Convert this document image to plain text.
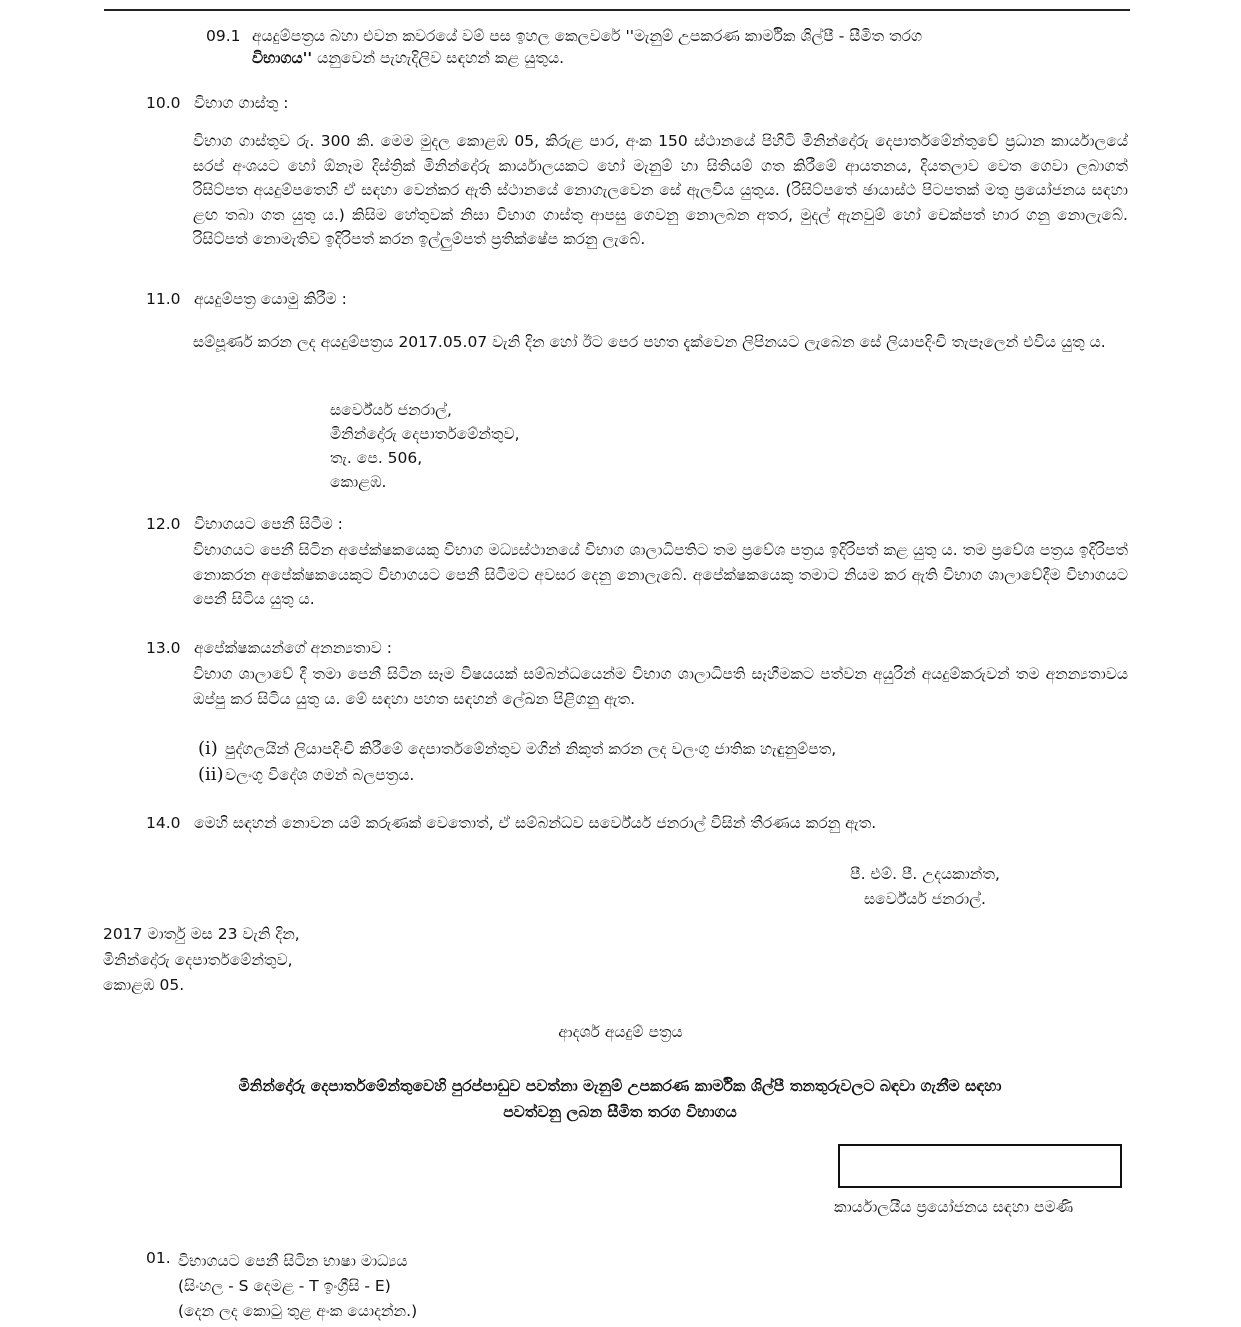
09.1 අයදුම්පත්‍රය බහා එවන කවරයේ වම් පස ඉහල කෙලවරේ ''මැනුම් උපකරණ කාර්මික ශිල්පී - සීමිත තරග
විභාගය'' යනුවෙන් පැහැදිලිව සඳහන් කළ යුතුය.
10.0 විභාග ගාස්තු :
විභාග ගාස්තුව රු. 300 කි. මෙම මුදල කොළඹ 05, කිරුළ පාර, අංක 150 ස්ථානයේ පිහිටි මිනින්දෝරු දෙපාර්තමේන්තුවේ ප්‍රධාන කාර්යාලයේ සරප් අංශයට හෝ ඕනෑම දිස්ත්‍රික් මිනින්දෝරු කාර්යාලයකට හෝ මැනුම් හා සිතියම් ගත කිරීමේ ආයතනය, දියතලාව වෙත ගෙවා ලබාගත් රිසිට්පත අයදුම්පතෙහි ඒ සඳහා වෙන්කර ඇති ස්ථානයේ නොගැලවෙන සේ ඇලවිය යුතුය. (රිසිට්පතේ ඡායාස්ථ පිටපතක් මතු ප්‍රයෝජනය සඳහා ළඟ තබා ගත යුතු ය.) කිසිම හේතුවක් නිසා විභාග ගාස්තු ආපසු ගෙවනු නොලබන අතර, මුදල් ඇනවුම් හෝ චෙක්පත් භාර ගනු නොලැබේ. රිසිට්පත් නොමැතිව ඉදිරිපත් කරන ඉල්ලුම්පත් ප්‍රතික්ෂේප කරනු ලැබේ.
11.0 අයදුම්පත්‍ර යොමු කිරීම :
සම්පූර්ණ කරන ලද අයදුම්පත්‍රය 2017.05.07 වැනි දින හෝ ඊට පෙර පහත දැක්වෙන ලිපිනයට ලැබෙන සේ ලියාපදිංචි තැපෑලෙන් එවිය යුතු ය.
සර්වේයර් ජනරාල්,
මිනින්දෝරු දෙපාර්තමේන්තුව,
තැ. පෙ. 506,
කොළඹ.
12.0 විභාගයට පෙනී සිටීම :
විභාගයට පෙනී සිටින අපේක්ෂකයෙකු විභාග මධ්‍යස්ථානයේ විභාග ශාලාධිපතිට තම ප්‍රවේශ පත්‍රය ඉදිරිපත් කළ යුතු ය. තම ප්‍රවේශ පත්‍රය ඉදිරිපත් නොකරන අපේක්ෂකයෙකුට විභාගයට පෙනී සිටීමට අවසර දෙනු නොලැබේ. අපේක්ෂකයෙකු තමාට නියම කර ඇති විභාග ශාලාවේදීම විභාගයට පෙනී සිටිය යුතු ය.
13.0 අපේක්ෂකයන්ගේ අනන්‍යතාව :
විභාග ශාලාවේ දී තමා පෙනී සිටින සෑම විෂයයක් සම්බන්ධයෙන්ම විභාග ශාලාධිපති සෑහීමකට පත්වන අයුරින් අයදුම්කරුවන් තම අනන්‍යතාවය ඔප්පු කර සිටිය යුතු ය. මේ සඳහා පහත සඳහන් ලේඛන පිළිගනු ඇත.
(i) පුද්ගලයින් ලියාපදිංචි කිරීමේ දෙපාර්තමේන්තුව මගින් නිකුත් කරන ලද වලංගු ජාතික හැඳුනුම්පත,
(ii)වලංගු විදේශ ගමන් බලපත්‍රය.
14.0 මෙහි සඳහන් නොවන යම් කරුණක් වෙතොත්, ඒ සම්බන්ධව සර්වේයර් ජනරාල් විසින් තීරණය කරනු ඇත.
පී. එම්. පී. උදයකාන්ත,
සර්වේයර් ජනරාල්.
2017 මාර්තු මස 23 වැනි දින,
මිනින්දෝරු දෙපාර්තමේන්තුව,
කොළඹ 05.
ආදර්ශ අයදුම් පත්‍රය
මිනින්දෝරු දෙපාර්තමේන්තුවෙහි පුරප්පාඩුව පවත්නා මැනුම් උපකරණ කාර්මික ශිල්පී තනතුරුවලට බඳවා ගැනීම සඳහා
පවත්වනු ලබන සීමිත තරග විභාගය
කාර්යාලයීය ප්‍රයෝජනය සඳහා පමණි
01. විභාගයට පෙනී සිටින භාෂා මාධ්‍යය
(සිංහල - S දෙමළ - T ඉංග්‍රීසි - E)
(දෙන ලද කොටු තුළ අංක යොදන්න.)
